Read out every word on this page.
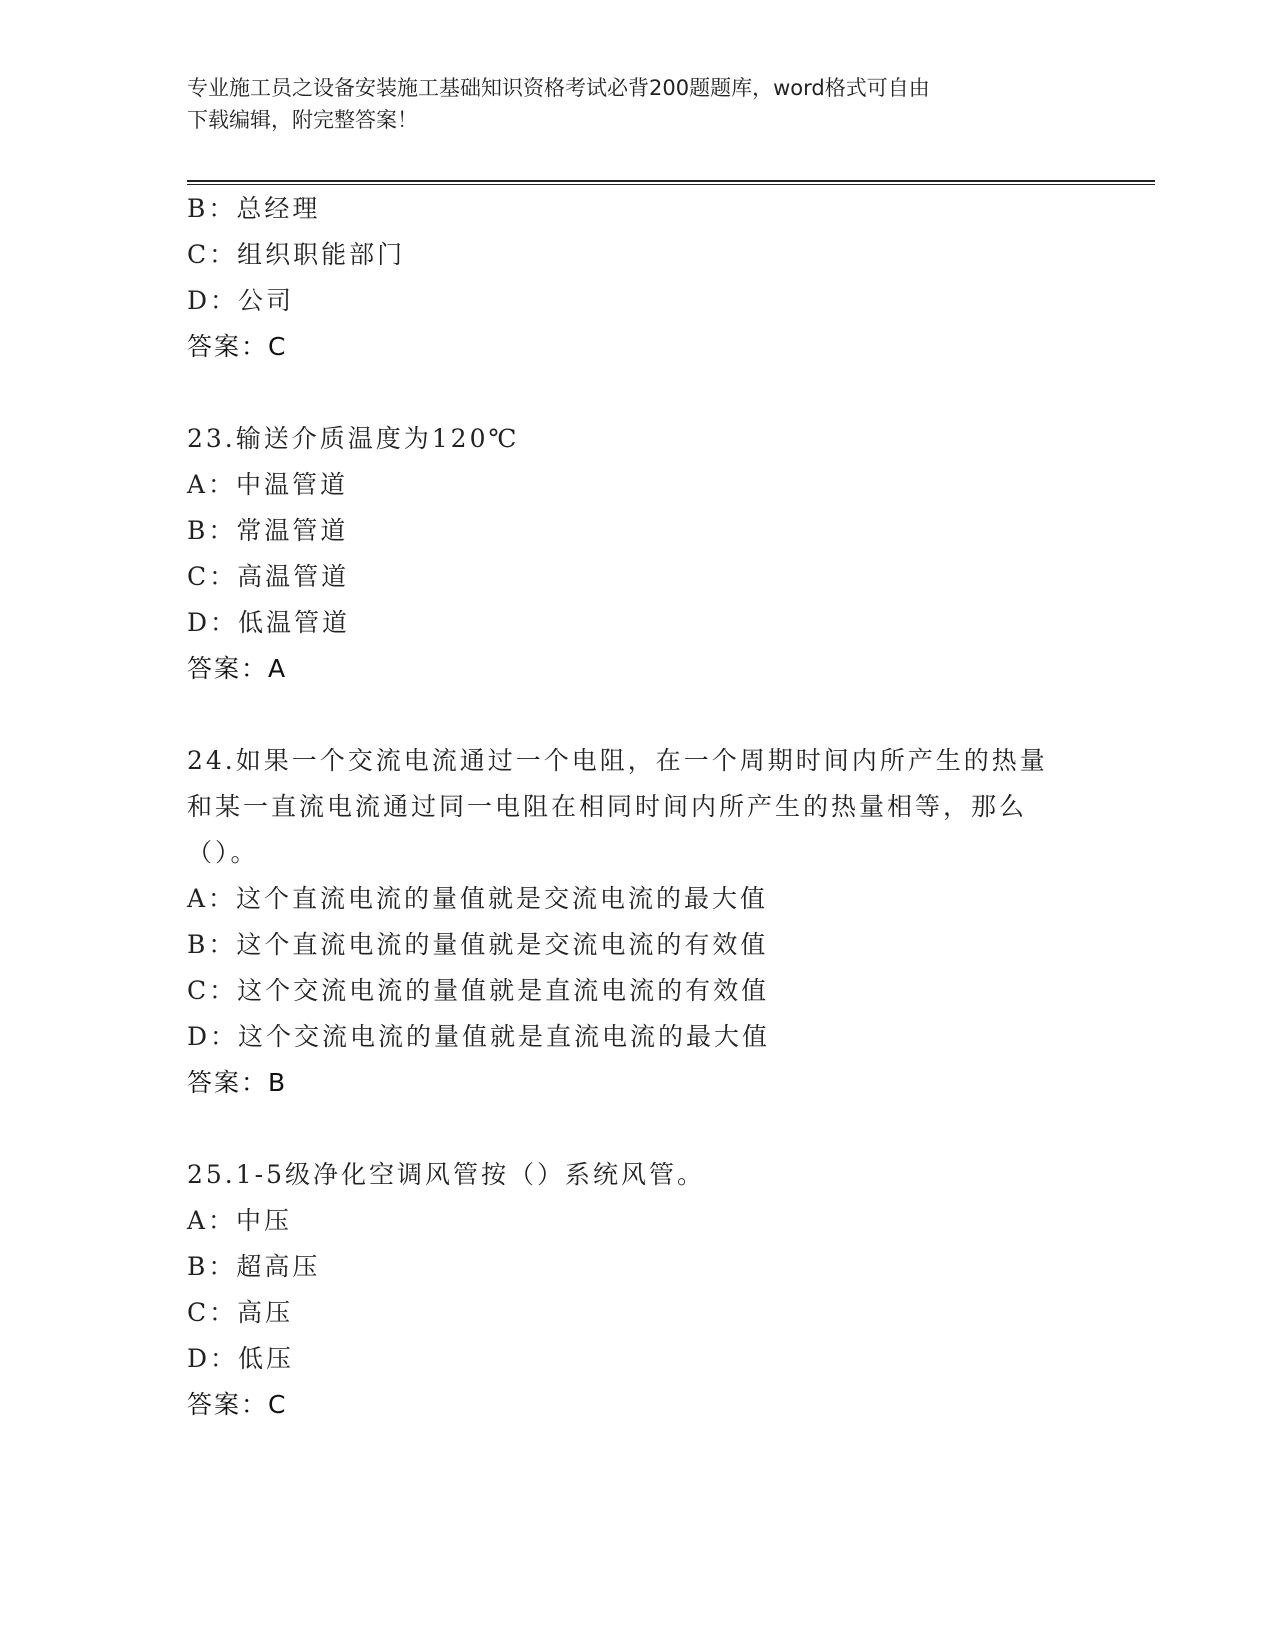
专业施工员之设备安装施工基础知识资格考试必背200题题库，word格式可自由
下载编辑，附完整答案！
B：总经理
C：组织职能部门
D：公司
答案：C
23.输送介质温度为120℃
A：中温管道
B：常温管道
C：高温管道
D：低温管道
答案：A
24.如果一个交流电流通过一个电阻，在一个周期时间内所产生的热量
和某一直流电流通过同一电阻在相同时间内所产生的热量相等，那么
（）。
A：这个直流电流的量值就是交流电流的最大值
B：这个直流电流的量值就是交流电流的有效值
C：这个交流电流的量值就是直流电流的有效值
D：这个交流电流的量值就是直流电流的最大值
答案：B
25.1-5级净化空调风管按（）系统风管。
A：中压
B：超高压
C：高压
D：低压
答案：C
